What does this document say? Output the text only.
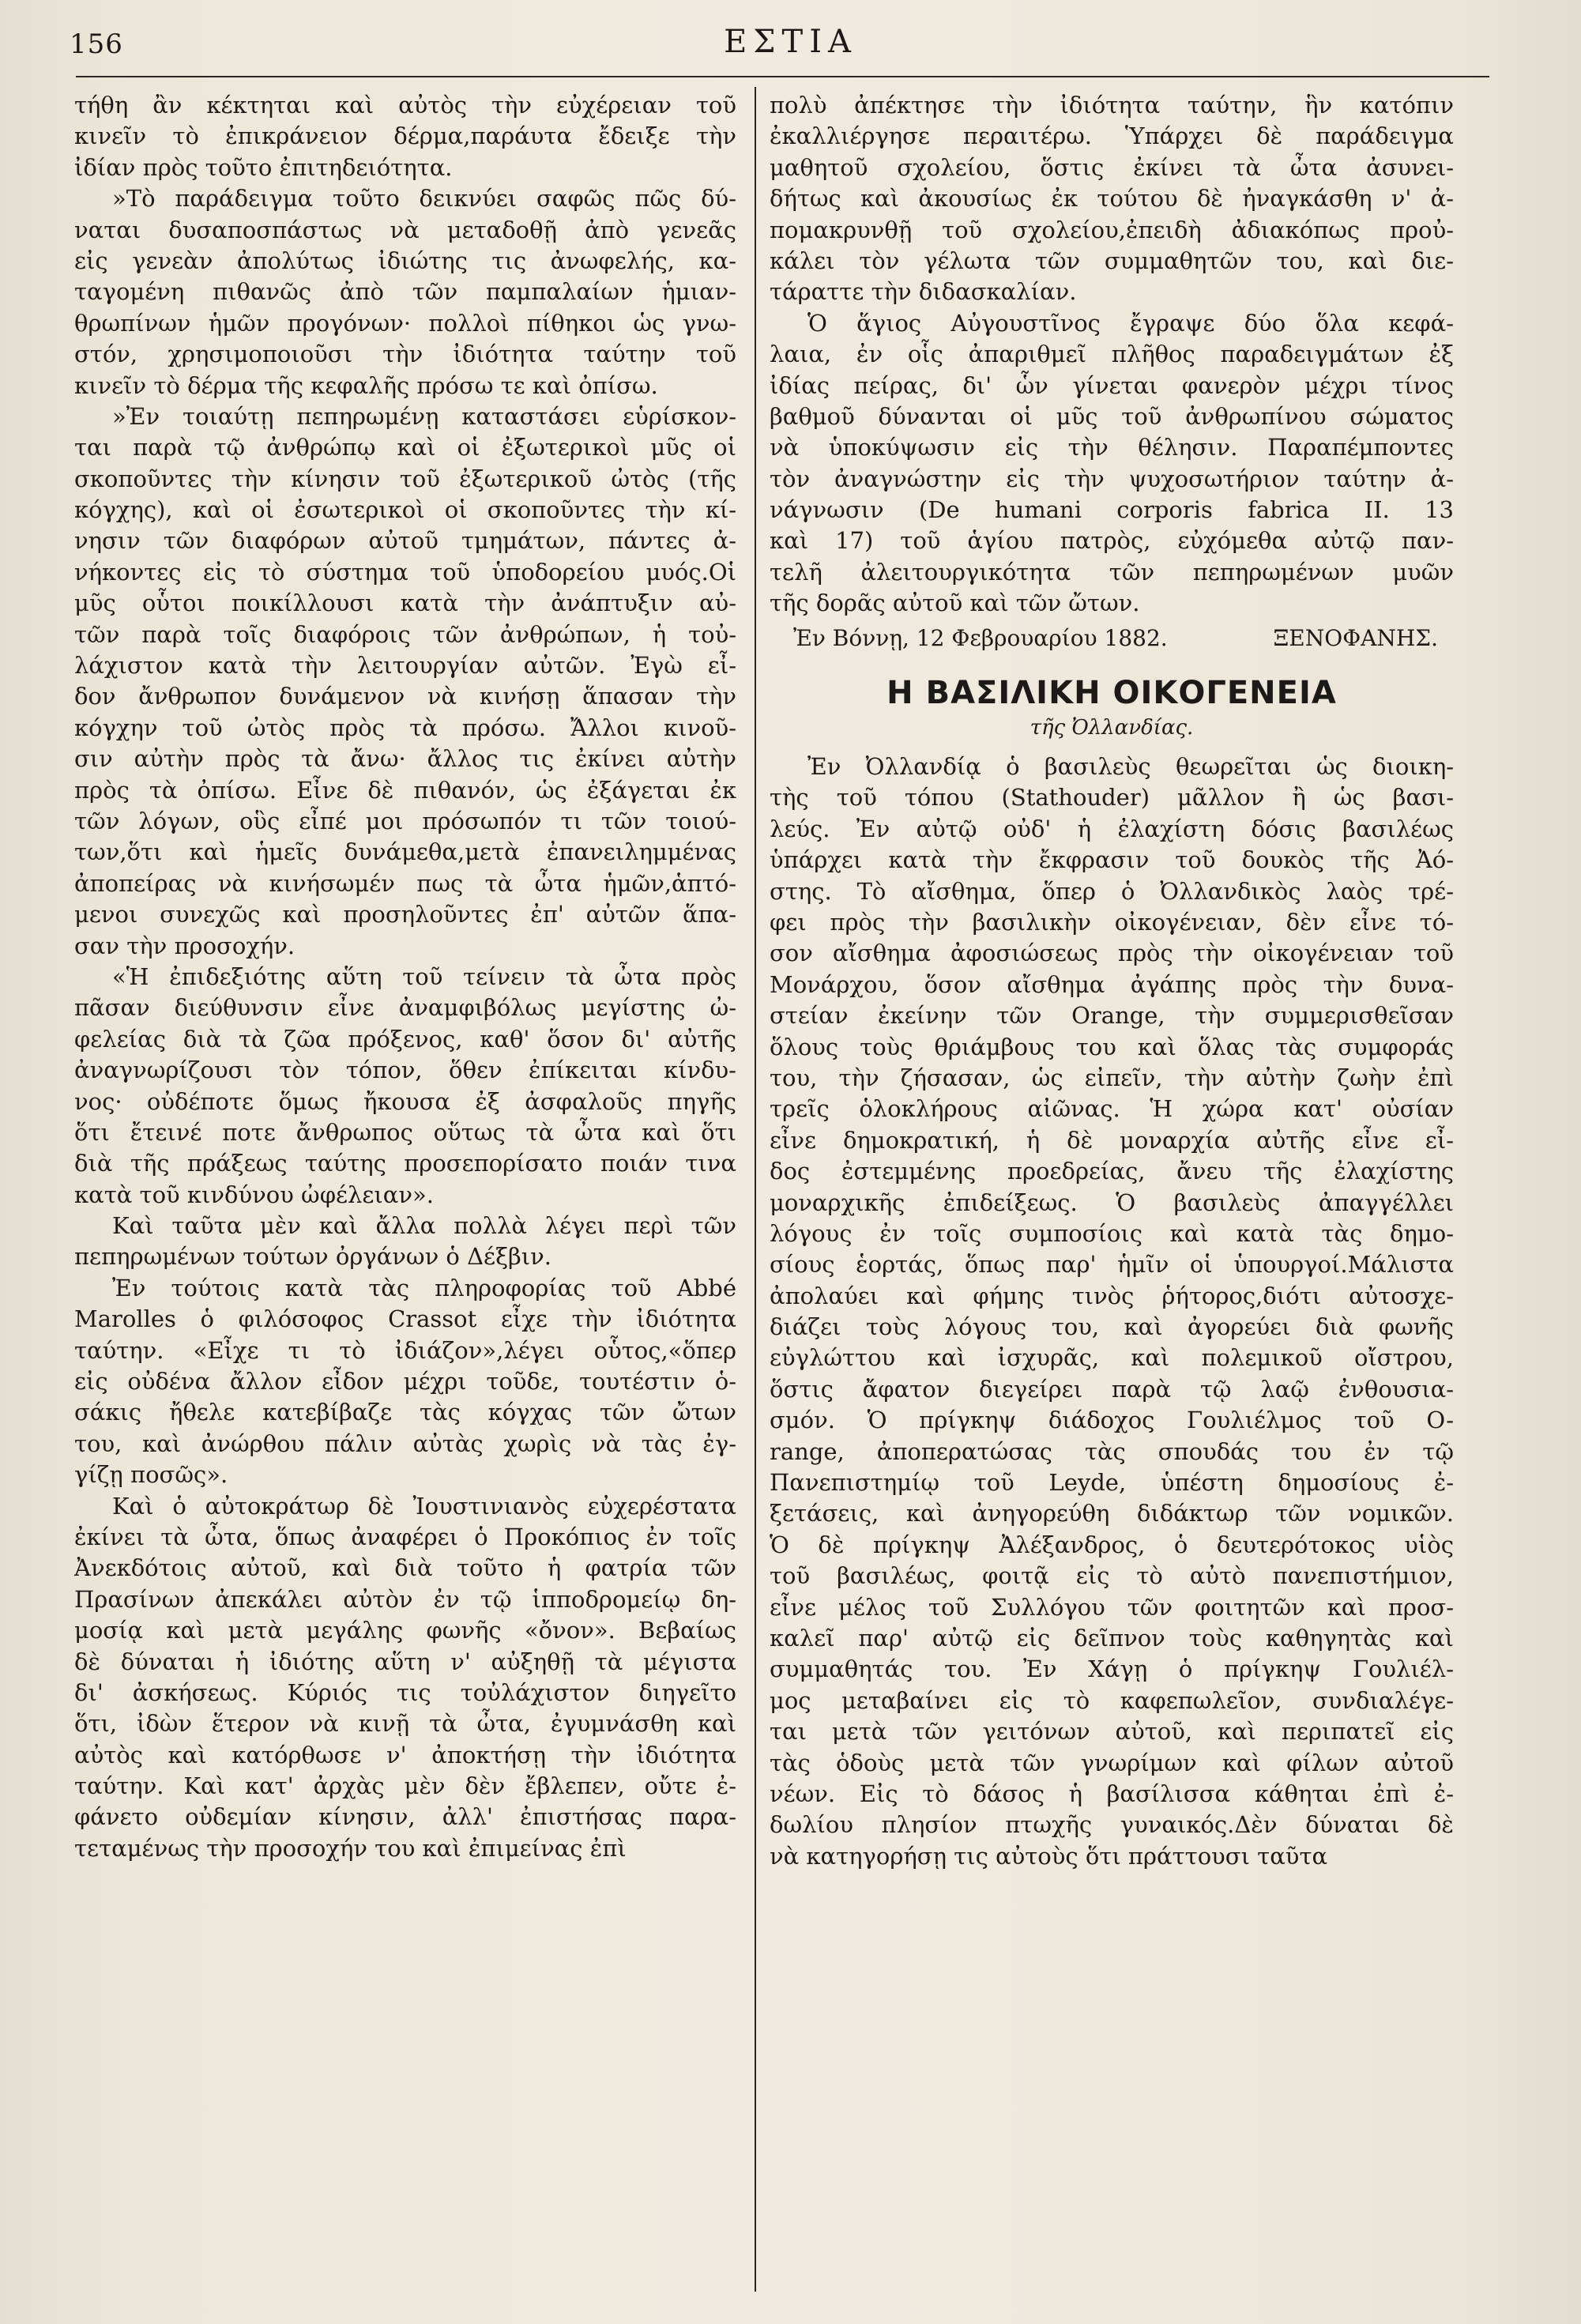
156	ΕΣΤΙΑ
τήθη ἂν κέκτηται καὶ αὐτὸς τὴν εὐχέρειαν τοῦ
κινεῖν τὸ ἐπικράνειον δέρμα,παράυτα ἔδειξε τὴν
ἰδίαν πρὸς τοῦτο ἐπιτηδειότητα.
»Τὸ παράδειγμα τοῦτο δεικνύει σαφῶς πῶς δύ-
ναται δυσαποσπάστως νὰ μεταδοθῇ ἀπὸ γενεᾶς
εἰς γενεὰν ἀπολύτως ἰδιώτης τις ἀνωφελής, κα-
ταγομένη πιθανῶς ἀπὸ τῶν παμπαλαίων ἡμιαν-
θρωπίνων ἡμῶν προγόνων· πολλοὶ πίθηκοι ὡς γνω-
στόν, χρησιμοποιοῦσι τὴν ἰδιότητα ταύτην τοῦ
κινεῖν τὸ δέρμα τῆς κεφαλῆς πρόσω τε καὶ ὀπίσω.
»Ἐν τοιαύτῃ πεπηρωμένῃ καταστάσει εὑρίσκον-
ται παρὰ τῷ ἀνθρώπῳ καὶ οἱ ἐξωτερικοὶ μῦς οἱ
σκοποῦντες τὴν κίνησιν τοῦ ἐξωτερικοῦ ὠτὸς (τῆς
κόγχης), καὶ οἱ ἐσωτερικοὶ οἱ σκοποῦντες τὴν κί-
νησιν τῶν διαφόρων αὐτοῦ τμημάτων, πάντες ἀ-
νήκοντες εἰς τὸ σύστημα τοῦ ὑποδορείου μυός.Οἱ
μῦς οὗτοι ποικίλλουσι κατὰ τὴν ἀνάπτυξιν αὐ-
τῶν παρὰ τοῖς διαφόροις τῶν ἀνθρώπων, ἡ τοὐ-
λάχιστον κατὰ τὴν λειτουργίαν αὐτῶν. Ἐγὼ εἶ-
δον ἄνθρωπον δυνάμενον νὰ κινήσῃ ἅπασαν τὴν
κόγχην τοῦ ὠτὸς πρὸς τὰ πρόσω. Ἄλλοι κινοῦ-
σιν αὐτὴν πρὸς τὰ ἄνω· ἄλλος τις ἐκίνει αὐτὴν
πρὸς τὰ ὀπίσω. Εἶνε δὲ πιθανόν, ὡς ἐξάγεται ἐκ
τῶν λόγων, οὓς εἶπέ μοι πρόσωπόν τι τῶν τοιού-
των,ὅτι καὶ ἡμεῖς δυνάμεθα,μετὰ ἐπανειλημμένας
ἀποπείρας νὰ κινήσωμέν πως τὰ ὦτα ἡμῶν,ἁπτό-
μενοι συνεχῶς καὶ προσηλοῦντες ἐπ' αὐτῶν ἅπα-
σαν τὴν προσοχήν.
«Ἡ ἐπιδεξιότης αὕτη τοῦ τείνειν τὰ ὦτα πρὸς
πᾶσαν διεύθυνσιν εἶνε ἀναμφιβόλως μεγίστης ὠ-
φελείας διὰ τὰ ζῶα πρόξενος, καθ' ὅσον δι' αὐτῆς
ἀναγνωρίζουσι τὸν τόπον, ὅθεν ἐπίκειται κίνδυ-
νος· οὐδέποτε ὅμως ἤκουσα ἐξ ἀσφαλοῦς πηγῆς
ὅτι ἔτεινέ ποτε ἄνθρωπος οὕτως τὰ ὦτα καὶ ὅτι
διὰ τῆς πράξεως ταύτης προσεπορίσατο ποιάν τινα
κατὰ τοῦ κινδύνου ὠφέλειαν».
Καὶ ταῦτα μὲν καὶ ἄλλα πολλὰ λέγει περὶ τῶν
πεπηρωμένων τούτων ὀργάνων ὁ Δέξβιν.
Ἐν τούτοις κατὰ τὰς πληροφορίας τοῦ Abbé
Marolles ὁ φιλόσοφος Crassot εἶχε τὴν ἰδιότητα
ταύτην. «Εἶχε τι τὸ ἰδιάζον»,λέγει οὗτος,«ὅπερ
εἰς οὐδένα ἄλλον εἶδον μέχρι τοῦδε, τουτέστιν ὁ-
σάκις ἤθελε κατεβίβαζε τὰς κόγχας τῶν ὤτων
του, καὶ ἀνώρθου πάλιν αὐτὰς χωρὶς νὰ τὰς ἐγ-
γίζῃ ποσῶς».
Καὶ ὁ αὐτοκράτωρ δὲ Ἰουστινιανὸς εὐχερέστατα
ἐκίνει τὰ ὦτα, ὅπως ἀναφέρει ὁ Προκόπιος ἐν τοῖς
Ἀνεκδότοις αὐτοῦ, καὶ διὰ τοῦτο ἡ φατρία τῶν
Πρασίνων ἀπεκάλει αὐτὸν ἐν τῷ ἱπποδρομείῳ δη-
μοσίᾳ καὶ μετὰ μεγάλης φωνῆς «ὄνον». Βεβαίως
δὲ δύναται ἡ ἰδιότης αὕτη ν' αὐξηθῇ τὰ μέγιστα
δι' ἀσκήσεως. Κύριός τις τοὐλάχιστον διηγεῖτο
ὅτι, ἰδὼν ἕτερον νὰ κινῇ τὰ ὦτα, ἐγυμνάσθη καὶ
αὐτὸς καὶ κατόρθωσε ν' ἀποκτήσῃ τὴν ἰδιότητα
ταύτην. Καὶ κατ' ἀρχὰς μὲν δὲν ἔβλεπεν, οὔτε ἐ-
φάνετο οὐδεμίαν κίνησιν, ἀλλ' ἐπιστήσας παρα-
τεταμένως τὴν προσοχήν του καὶ ἐπιμείνας ἐπὶ
πολὺ ἀπέκτησε τὴν ἰδιότητα ταύτην, ἣν κατόπιν
ἐκαλλιέργησε περαιτέρω. Ὑπάρχει δὲ παράδειγμα
μαθητοῦ σχολείου, ὅστις ἐκίνει τὰ ὦτα ἀσυνει-
δήτως καὶ ἀκουσίως ἐκ τούτου δὲ ἠναγκάσθη ν' ἀ-
πομακρυνθῇ τοῦ σχολείου,ἐπειδὴ ἀδιακόπως προὐ-
κάλει τὸν γέλωτα τῶν συμμαθητῶν του, καὶ διε-
τάραττε τὴν διδασκαλίαν.
Ὁ ἅγιος Αὐγουστῖνος ἔγραψε δύο ὅλα κεφά-
λαια, ἐν οἷς ἀπαριθμεῖ πλῆθος παραδειγμάτων ἐξ
ἰδίας πείρας, δι' ὧν γίνεται φανερὸν μέχρι τίνος
βαθμοῦ δύνανται οἱ μῦς τοῦ ἀνθρωπίνου σώματος
νὰ ὑποκύψωσιν εἰς τὴν θέλησιν. Παραπέμποντες
τὸν ἀναγνώστην εἰς τὴν ψυχοσωτήριον ταύτην ἀ-
νάγνωσιν (De humani corporis fabrica II. 13
καὶ 17) τοῦ ἁγίου πατρὸς, εὐχόμεθα αὐτῷ παν-
τελῆ ἀλειτουργικότητα τῶν πεπηρωμένων μυῶν
τῆς δορᾶς αὐτοῦ καὶ τῶν ὤτων.
Ἐν Βόννῃ, 12 Φεβρουαρίου 1882.	ΞΕΝΟΦΑΝΗΣ.
Η ΒΑΣΙΛΙΚΗ ΟΙΚΟΓΕΝΕΙΑ
τῆς Ὀλλανδίας.
Ἐν Ὀλλανδίᾳ ὁ βασιλεὺς θεωρεῖται ὡς διοικη-
τὴς τοῦ τόπου (Stathouder) μᾶλλον ἢ ὡς βασι-
λεύς. Ἐν αὐτῷ οὐδ' ἡ ἐλαχίστη δόσις βασιλέως
ὑπάρχει κατὰ τὴν ἔκφρασιν τοῦ δουκὸς τῆς Ἀό-
στης. Τὸ αἴσθημα, ὅπερ ὁ Ὀλλανδικὸς λαὸς τρέ-
φει πρὸς τὴν βασιλικὴν οἰκογένειαν, δὲν εἶνε τό-
σον αἴσθημα ἀφοσιώσεως πρὸς τὴν οἰκογένειαν τοῦ
Μονάρχου, ὅσον αἴσθημα ἀγάπης πρὸς τὴν δυνα-
στείαν ἐκείνην τῶν Orange, τὴν συμμερισθεῖσαν
ὅλους τοὺς θριάμβους του καὶ ὅλας τὰς συμφοράς
του, τὴν ζήσασαν, ὡς εἰπεῖν, τὴν αὐτὴν ζωὴν ἐπὶ
τρεῖς ὁλοκλήρους αἰῶνας. Ἡ χώρα κατ' οὐσίαν
εἶνε δημοκρατική, ἡ δὲ μοναρχία αὐτῆς εἶνε εἶ-
δος ἐστεμμένης προεδρείας, ἄνευ τῆς ἐλαχίστης
μοναρχικῆς ἐπιδείξεως. Ὁ βασιλεὺς ἀπαγγέλλει
λόγους ἐν τοῖς συμποσίοις καὶ κατὰ τὰς δημο-
σίους ἑορτάς, ὅπως παρ' ἡμῖν οἱ ὑπουργοί.Μάλιστα
ἀπολαύει καὶ φήμης τινὸς ῥήτορος,διότι αὐτοσχε-
διάζει τοὺς λόγους του, καὶ ἀγορεύει διὰ φωνῆς
εὐγλώττου καὶ ἰσχυρᾶς, καὶ πολεμικοῦ οἴστρου,
ὅστις ἄφατον διεγείρει παρὰ τῷ λαῷ ἐνθουσια-
σμόν. Ὁ πρίγκηψ διάδοχος Γουλιέλμος τοῦ O-
range, ἀποπερατώσας τὰς σπουδάς του ἐν τῷ
Πανεπιστημίῳ τοῦ Leyde, ὑπέστη δημοσίους ἐ-
ξετάσεις, καὶ ἀνηγορεύθη διδάκτωρ τῶν νομικῶν.
Ὁ δὲ πρίγκηψ Ἀλέξανδρος, ὁ δευτερότοκος υἱὸς
τοῦ βασιλέως, φοιτᾷ εἰς τὸ αὐτὸ πανεπιστήμιον,
εἶνε μέλος τοῦ Συλλόγου τῶν φοιτητῶν καὶ προσ-
καλεῖ παρ' αὐτῷ εἰς δεῖπνον τοὺς καθηγητὰς καὶ
συμμαθητάς του. Ἐν Χάγῃ ὁ πρίγκηψ Γουλιέλ-
μος μεταβαίνει εἰς τὸ καφεπωλεῖον, συνδιαλέγε-
ται μετὰ τῶν γειτόνων αὐτοῦ, καὶ περιπατεῖ εἰς
τὰς ὁδοὺς μετὰ τῶν γνωρίμων καὶ φίλων αὐτοῦ
νέων. Εἰς τὸ δάσος ἡ βασίλισσα κάθηται ἐπὶ ἐ-
δωλίου πλησίον πτωχῆς γυναικός.Δὲν δύναται δὲ
νὰ κατηγορήσῃ τις αὐτοὺς ὅτι πράττουσι ταῦτα
